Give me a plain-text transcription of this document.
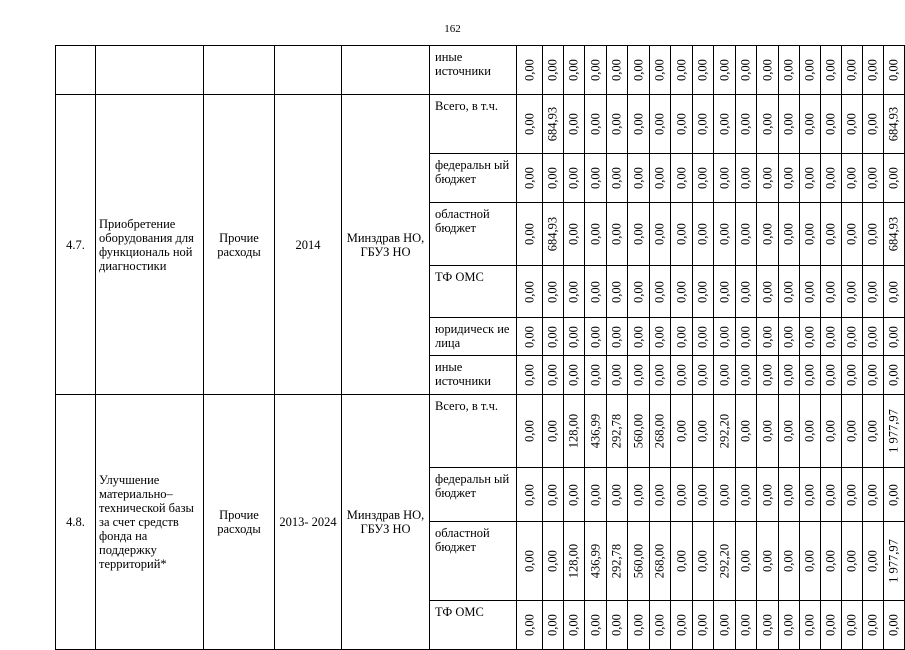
162
					иные источники	0,00	0,00	0,00	0,00	0,00	0,00	0,00	0,00	0,00	0,00	0,00	0,00	0,00	0,00	0,00	0,00	0,00	0,00

4.7.	Приобретение оборудования для функциональ ной диагностики	Прочие расходы	2014	Минздрав НО, ГБУЗ НО	Всего, в т.ч.	0,00	684,93	0,00	0,00	0,00	0,00	0,00	0,00	0,00	0,00	0,00	0,00	0,00	0,00	0,00	0,00	0,00	684,93

					федеральн ый бюджет	0,00	0,00	0,00	0,00	0,00	0,00	0,00	0,00	0,00	0,00	0,00	0,00	0,00	0,00	0,00	0,00	0,00	0,00

					областной бюджет	0,00	684,93	0,00	0,00	0,00	0,00	0,00	0,00	0,00	0,00	0,00	0,00	0,00	0,00	0,00	0,00	0,00	684,93

					ТФ ОМС	0,00	0,00	0,00	0,00	0,00	0,00	0,00	0,00	0,00	0,00	0,00	0,00	0,00	0,00	0,00	0,00	0,00	0,00

					юридическ ие лица	0,00	0,00	0,00	0,00	0,00	0,00	0,00	0,00	0,00	0,00	0,00	0,00	0,00	0,00	0,00	0,00	0,00	0,00

					иные источники	0,00	0,00	0,00	0,00	0,00	0,00	0,00	0,00	0,00	0,00	0,00	0,00	0,00	0,00	0,00	0,00	0,00	0,00

4.8.	Улучшение материально– технической базы за счет средств фонда на поддержку территорий*	Прочие расходы	2013- 2024	Минздрав НО, ГБУЗ НО	Всего, в т.ч.	0,00	0,00	128,00	436,99	292,78	560,00	268,00	0,00	0,00	292,20	0,00	0,00	0,00	0,00	0,00	0,00	0,00	1 977,97

					федеральн ый бюджет	0,00	0,00	0,00	0,00	0,00	0,00	0,00	0,00	0,00	0,00	0,00	0,00	0,00	0,00	0,00	0,00	0,00	0,00

					областной бюджет	0,00	0,00	128,00	436,99	292,78	560,00	268,00	0,00	0,00	292,20	0,00	0,00	0,00	0,00	0,00	0,00	0,00	1 977,97

					ТФ ОМС	0,00	0,00	0,00	0,00	0,00	0,00	0,00	0,00	0,00	0,00	0,00	0,00	0,00	0,00	0,00	0,00	0,00	0,00
